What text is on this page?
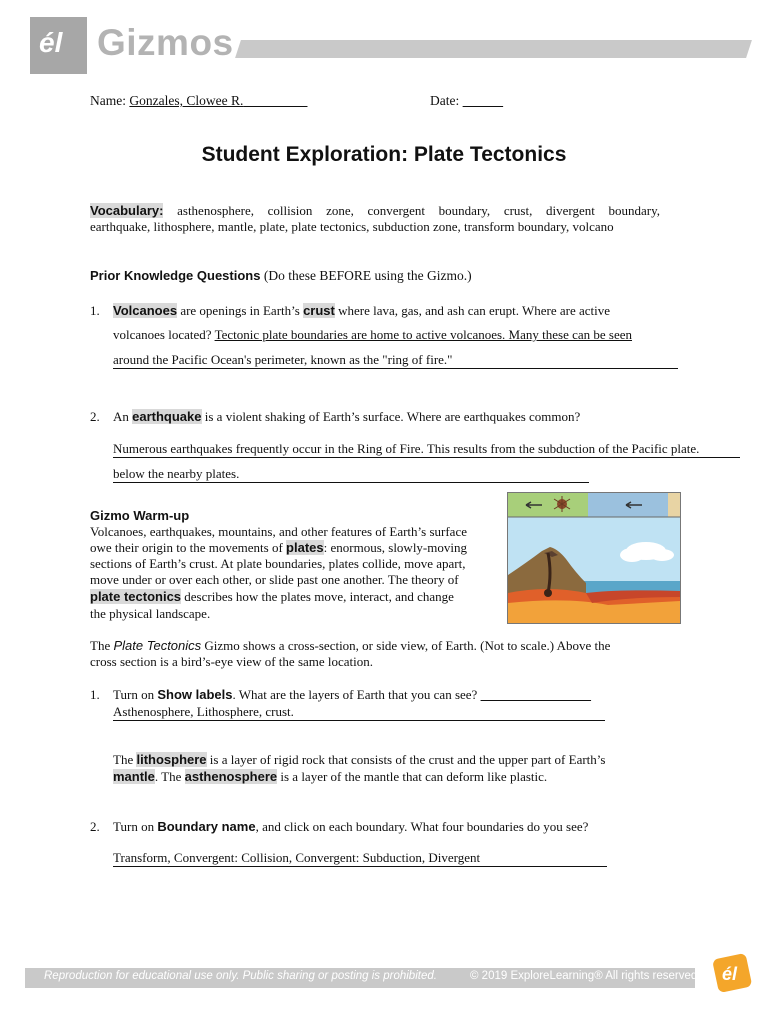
él Gizmos
Name: Gonzales, Clowee R.	Date:
Student Exploration: Plate Tectonics
Vocabulary: asthenosphere, collision zone, convergent boundary, crust, divergent boundary,
earthquake, lithosphere, mantle, plate, plate tectonics, subduction zone, transform boundary, volcano
Prior Knowledge Questions (Do these BEFORE using the Gizmo.)
1. Volcanoes are openings in Earth’s crust where lava, gas, and ash can erupt. Where are active
volcanoes located? Tectonic plate boundaries are home to active volcanoes. Many these can be seen
around the Pacific Ocean's perimeter, known as the "ring of fire."
2. An earthquake is a violent shaking of Earth’s surface. Where are earthquakes common?
Numerous earthquakes frequently occur in the Ring of Fire. This results from the subduction of the Pacific plate.
below the nearby plates.
Gizmo Warm-up
Volcanoes, earthquakes, mountains, and other features of Earth’s surface
owe their origin to the movements of plates: enormous, slowly-moving
sections of Earth’s crust. At plate boundaries, plates collide, move apart,
move under or over each other, or slide past one another. The theory of
plate tectonics describes how the plates move, interact, and change
the physical landscape.
The Plate Tectonics Gizmo shows a cross-section, or side view, of Earth. (Not to scale.) Above the
cross section is a bird’s-eye view of the same location.
1. Turn on Show labels. What are the layers of Earth that you can see?
Asthenosphere, Lithosphere, crust.
The lithosphere is a layer of rigid rock that consists of the crust and the upper part of Earth’s
mantle. The asthenosphere is a layer of the mantle that can deform like plastic.
2. Turn on Boundary name, and click on each boundary. What four boundaries do you see?
Transform, Convergent: Collision, Convergent: Subduction, Divergent
Reproduction for educational use only. Public sharing or posting is prohibited.	© 2019 ExploreLearning® All rights reserved él
